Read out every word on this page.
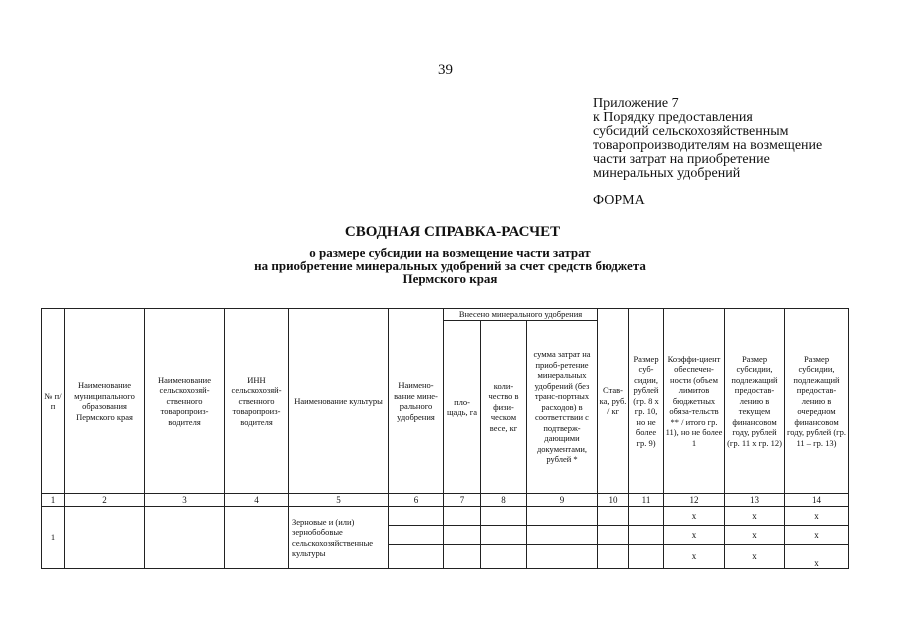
39
Приложение 7
к Порядку предоставления
субсидий сельскохозяйственным
товаропроизводителям на возмещение
части затрат на приобретение
минеральных удобрений
ФОРМА
СВОДНАЯ СПРАВКА-РАСЧЕТ
о размере субсидии на возмещение части затрат
на приобретение минеральных удобрений за счет средств бюджета
Пермского края
№ п/п	Наименование муниципального образования Пермского края	Наименование сельскохозяй-ственного товаропроиз-водителя	ИНН сельскохозяй-ственного товаропроиз-водителя	Наименование культуры	Наимено-вание мине-рального удобрения	Внесено минерального удобрения			Став-ка, руб. / кг	Размер суб-сидии, рублей (гр. 8 х гр. 10, но не более гр. 9)	Коэффи-циент обеспечен-ности (объем лимитов бюджетных обяза-тельств ** / итого гр. 11), но не более 1	Размер субсидии, подлежащий предостав-лению в текущем финансовом году, рублей (гр. 11 х гр. 12)	Размер субсидии, подлежащий предостав-лению в очередном финансовом году, рублей (гр. 11 – гр. 13)
						пло-щадь, га	коли-чество в физи-ческом весе, кг	сумма затрат на приоб-ретение минеральных удобрений (без транс-портных расходов) в соответствии с подтверж-дающими документами, рублей *					
1	2	3	4	5	6	7	8	9	10	11	12	13	14
1				Зерновые и (или) зернобобовые сельскохозяйственные культуры							x	x	x
											x	x	x
											x	x	x
